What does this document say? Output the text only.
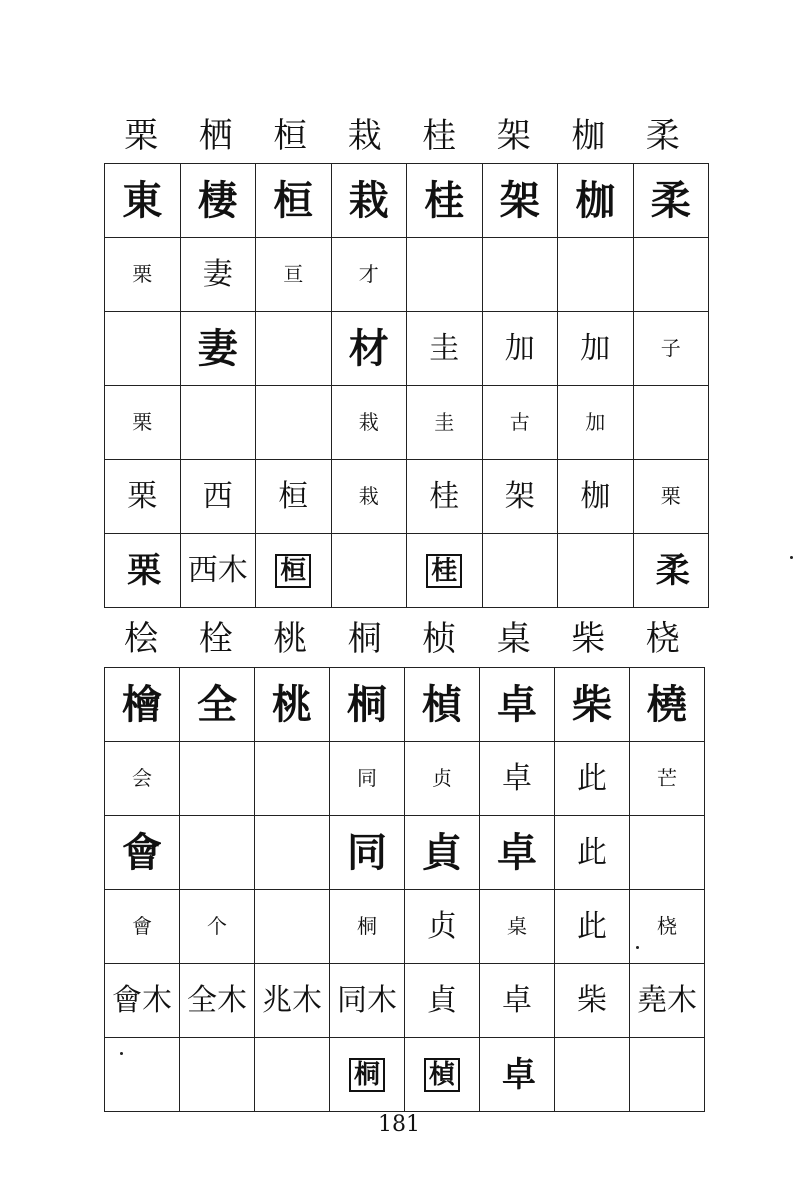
栗	栖	桓	栽	桂	架	枷	柔
東	棲	桓	栽	桂	架	枷	柔
栗	妻	亘	才				
	妻		材	圭	加	加	子
栗			栽	圭	古	加	
栗	西	桓	栽	桂	架	枷	栗
栗	西木	桓		桂			柔
桧	栓	桃	桐	桢	桌	柴	桡
檜	全	桃	桐	楨	卓	柴	橈
会			同	贞	卓	此	芒
會			同	貞	卓	此	
會	个		桐	贞	桌	此	桡
會木	全木	兆木	同木	貞	卓	柴	堯木
			桐	楨	卓		
181
